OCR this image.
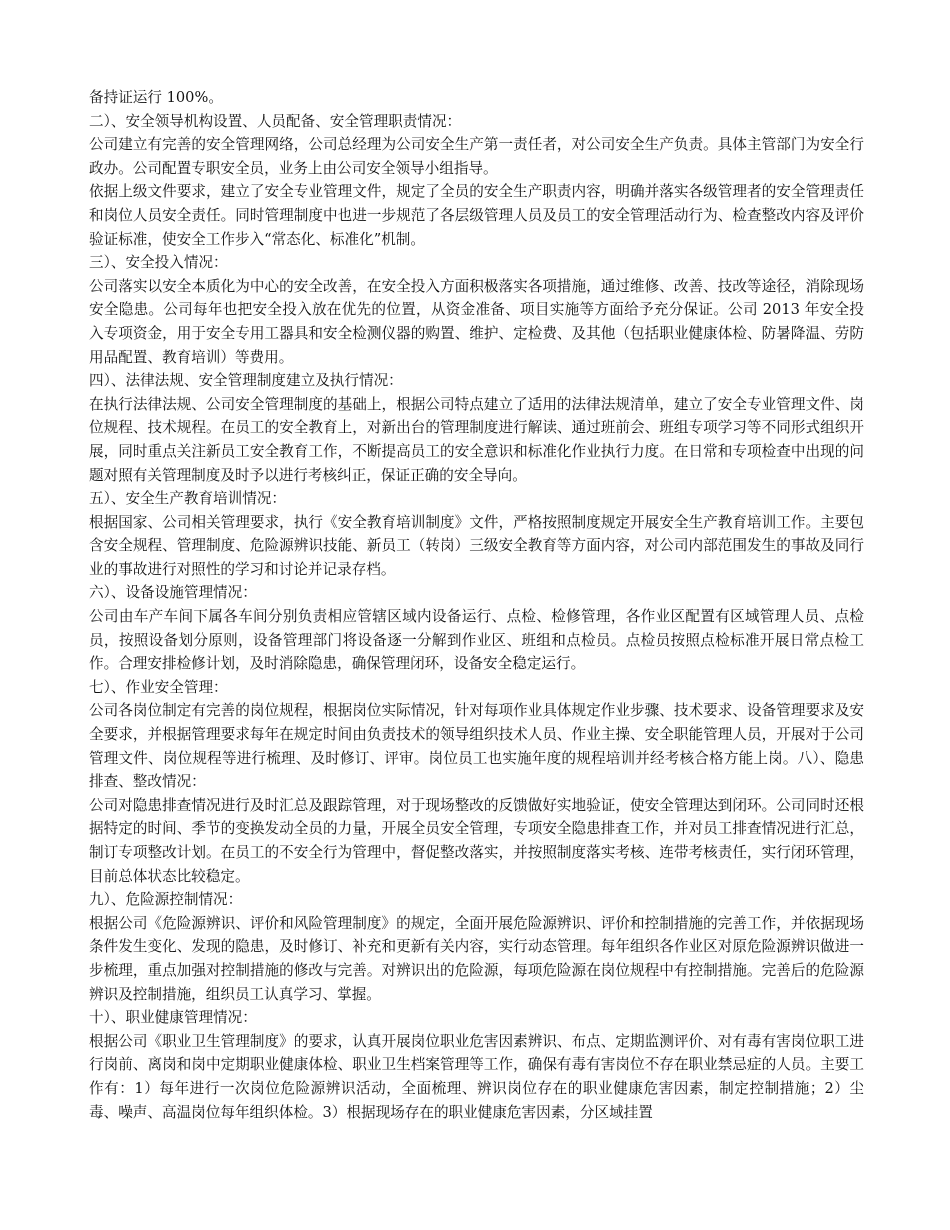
备持证运行 100%。

二）、安全领导机构设置、人员配备、安全管理职责情况：

公司建立有完善的安全管理网络，公司总经理为公司安全生产第一责任者，对公司安全生产负责。具体主管部门为安全行政办。公司配置专职安全员，业务上由公司安全领导小组指导。

依据上级文件要求，建立了安全专业管理文件，规定了全员的安全生产职责内容，明确并落实各级管理者的安全管理责任和岗位人员安全责任。同时管理制度中也进一步规范了各层级管理人员及员工的安全管理活动行为、检查整改内容及评价验证标准，使安全工作步入“常态化、标准化”机制。

三）、安全投入情况：

公司落实以安全本质化为中心的安全改善，在安全投入方面积极落实各项措施，通过维修、改善、技改等途径，消除现场安全隐患。公司每年也把安全投入放在优先的位置，从资金准备、项目实施等方面给予充分保证。公司 2013 年安全投入专项资金，用于安全专用工器具和安全检测仪器的购置、维护、定检费、及其他（包括职业健康体检、防暑降温、劳防用品配置、教育培训）等费用。

四）、法律法规、安全管理制度建立及执行情况：

在执行法律法规、公司安全管理制度的基础上，根据公司特点建立了适用的法律法规清单，建立了安全专业管理文件、岗位规程、技术规程。在员工的安全教育上，对新出台的管理制度进行解读、通过班前会、班组专项学习等不同形式组织开展，同时重点关注新员工安全教育工作，不断提高员工的安全意识和标准化作业执行力度。在日常和专项检查中出现的问题对照有关管理制度及时予以进行考核纠正，保证正确的安全导向。

五）、安全生产教育培训情况：

根据国家、公司相关管理要求，执行《安全教育培训制度》文件，严格按照制度规定开展安全生产教育培训工作。主要包含安全规程、管理制度、危险源辨识技能、新员工（转岗）三级安全教育等方面内容，对公司内部范围发生的事故及同行业的事故进行对照性的学习和讨论并记录存档。

六）、设备设施管理情况：

公司由车产车间下属各车间分别负责相应管辖区域内设备运行、点检、检修管理，各作业区配置有区域管理人员、点检员，按照设备划分原则，设备管理部门将设备逐一分解到作业区、班组和点检员。点检员按照点检标准开展日常点检工作。合理安排检修计划，及时消除隐患，确保管理闭环，设备安全稳定运行。

七）、作业安全管理：

公司各岗位制定有完善的岗位规程，根据岗位实际情况，针对每项作业具体规定作业步骤、技术要求、设备管理要求及安全要求，并根据管理要求每年在规定时间由负责技术的领导组织技术人员、作业主操、安全职能管理人员，开展对于公司管理文件、岗位规程等进行梳理、及时修订、评审。岗位员工也实施年度的规程培训并经考核合格方能上岗。八）、隐患排查、整改情况：

公司对隐患排查情况进行及时汇总及跟踪管理，对于现场整改的反馈做好实地验证，使安全管理达到闭环。公司同时还根据特定的时间、季节的变换发动全员的力量，开展全员安全管理，专项安全隐患排查工作，并对员工排查情况进行汇总，制订专项整改计划。在员工的不安全行为管理中，督促整改落实，并按照制度落实考核、连带考核责任，实行闭环管理，目前总体状态比较稳定。

九）、危险源控制情况：

根据公司《危险源辨识、评价和风险管理制度》的规定，全面开展危险源辨识、评价和控制措施的完善工作，并依据现场条件发生变化、发现的隐患，及时修订、补充和更新有关内容，实行动态管理。每年组织各作业区对原危险源辨识做进一步梳理，重点加强对控制措施的修改与完善。对辨识出的危险源，每项危险源在岗位规程中有控制措施。完善后的危险源辨识及控制措施，组织员工认真学习、掌握。

十）、职业健康管理情况：

根据公司《职业卫生管理制度》的要求，认真开展岗位职业危害因素辨识、布点、定期监测评价、对有毒有害岗位职工进行岗前、离岗和岗中定期职业健康体检、职业卫生档案管理等工作，确保有毒有害岗位不存在职业禁忌症的人员。主要工作有：1）每年进行一次岗位危险源辨识活动，全面梳理、辨识岗位存在的职业健康危害因素，制定控制措施；2）尘毒、噪声、高温岗位每年组织体检。3）根据现场存在的职业健康危害因素，分区域挂置
